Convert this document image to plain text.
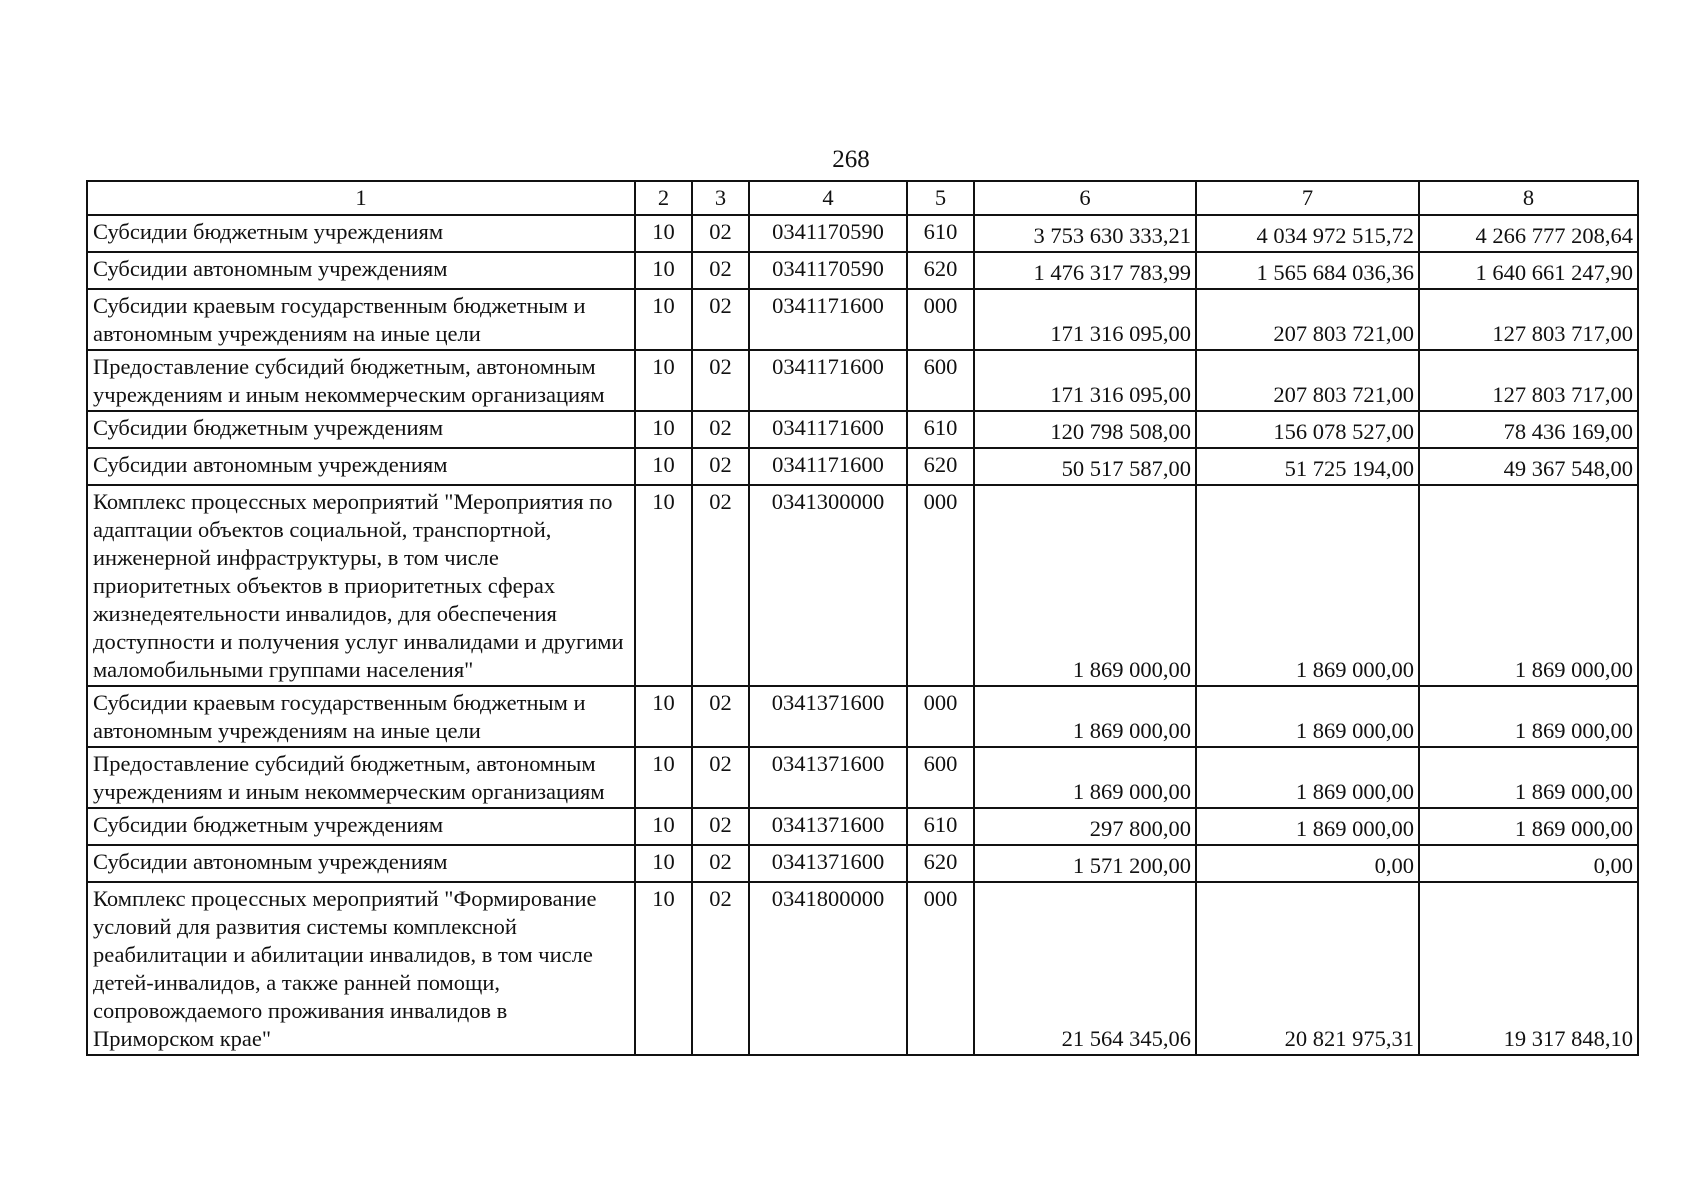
268
1	2	3	4	5	6	7	8
Субсидии бюджетным учреждениям	10	02	0341170590	610	3 753 630 333,21	4 034 972 515,72	4 266 777 208,64
Субсидии автономным учреждениям	10	02	0341170590	620	1 476 317 783,99	1 565 684 036,36	1 640 661 247,90
Субсидии краевым государственным бюджетным и автономным учреждениям на иные цели	10	02	0341171600	000	171 316 095,00	207 803 721,00	127 803 717,00
Предоставление субсидий бюджетным, автономным учреждениям и иным некоммерческим организациям	10	02	0341171600	600	171 316 095,00	207 803 721,00	127 803 717,00
Субсидии бюджетным учреждениям	10	02	0341171600	610	120 798 508,00	156 078 527,00	78 436 169,00
Субсидии автономным учреждениям	10	02	0341171600	620	50 517 587,00	51 725 194,00	49 367 548,00
Комплекс процессных мероприятий "Мероприятия по адаптации объектов социальной, транспортной, инженерной инфраструктуры, в том числе приоритетных объектов в приоритетных сферах жизнедеятельности инвалидов, для обеспечения доступности и получения услуг инвалидами и другими маломобильными группами населения"	10	02	0341300000	000	1 869 000,00	1 869 000,00	1 869 000,00
Субсидии краевым государственным бюджетным и автономным учреждениям на иные цели	10	02	0341371600	000	1 869 000,00	1 869 000,00	1 869 000,00
Предоставление субсидий бюджетным, автономным учреждениям и иным некоммерческим организациям	10	02	0341371600	600	1 869 000,00	1 869 000,00	1 869 000,00
Субсидии бюджетным учреждениям	10	02	0341371600	610	297 800,00	1 869 000,00	1 869 000,00
Субсидии автономным учреждениям	10	02	0341371600	620	1 571 200,00	0,00	0,00
Комплекс процессных мероприятий "Формирование условий для развития системы комплексной реабилитации и абилитации инвалидов, в том числе детей-инвалидов, а также ранней помощи, сопровождаемого проживания инвалидов в Приморском крае"	10	02	0341800000	000	21 564 345,06	20 821 975,31	19 317 848,10
